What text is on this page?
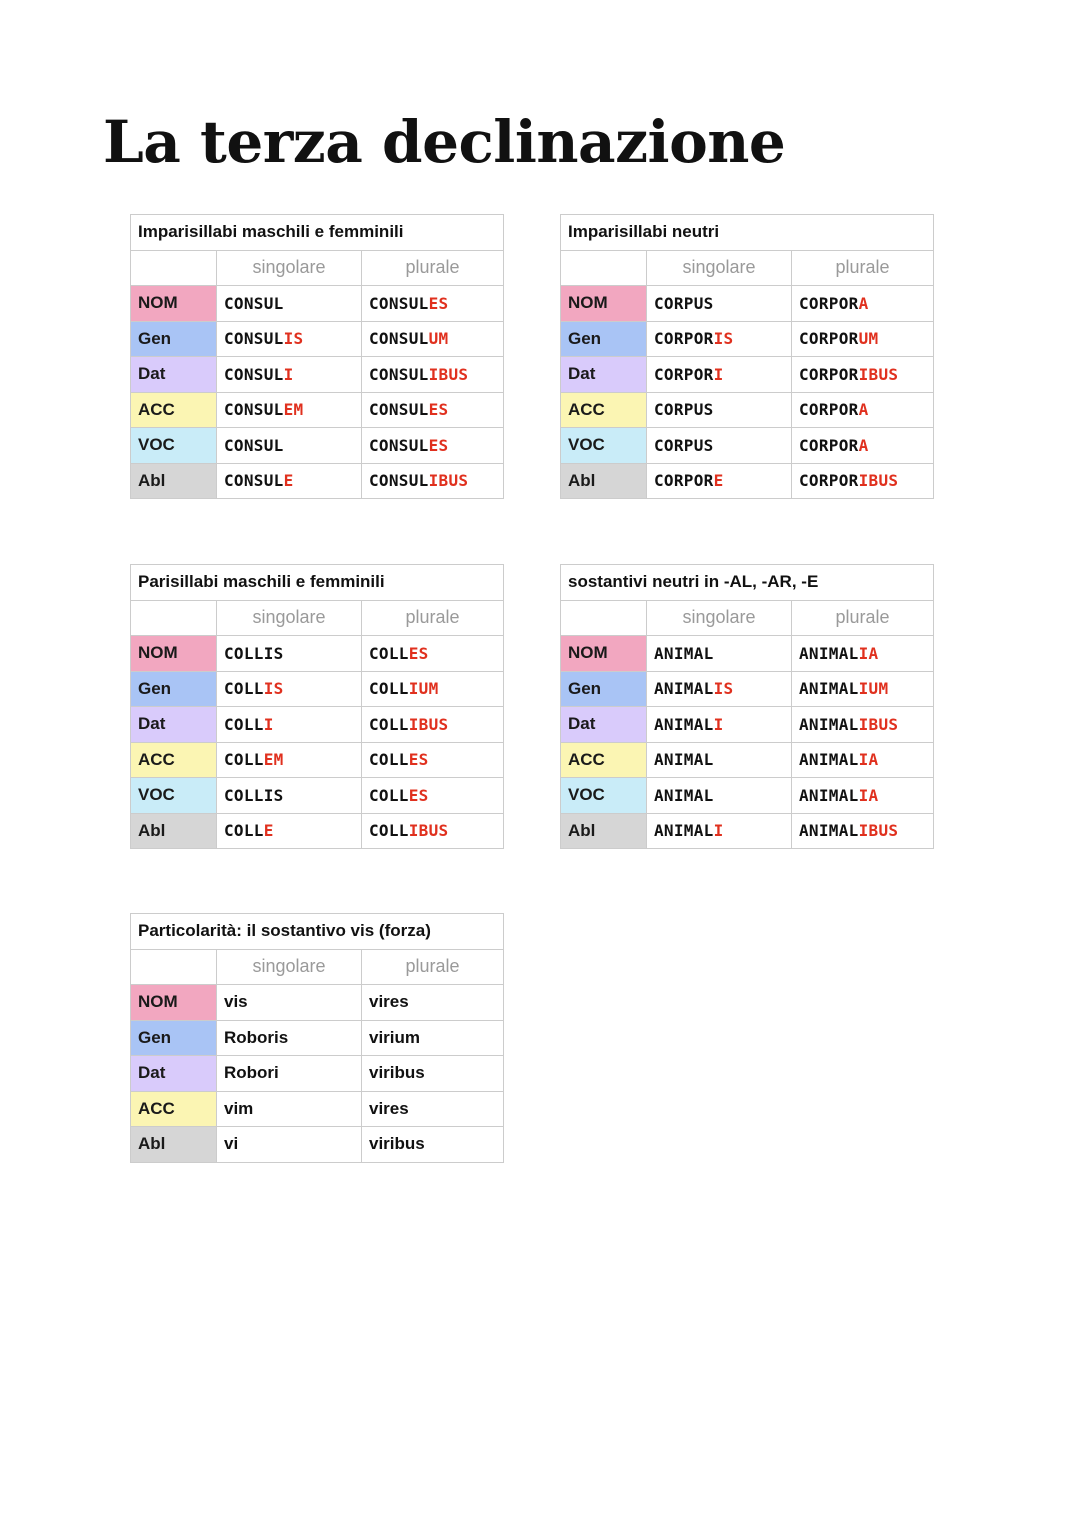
La terza declinazione
Imparisillabi maschili e femminili		
	singolare	plurale
NOM	CONSUL	CONSULES
Gen	CONSULIS	CONSULUM
Dat	CONSULI	CONSULIBUS
ACC	CONSULEM	CONSULES
VOC	CONSUL	CONSULES
Abl	CONSULE	CONSULIBUS
Imparisillabi neutri		
	singolare	plurale
NOM	CORPUS	CORPORA
Gen	CORPORIS	CORPORUM
Dat	CORPORI	CORPORIBUS
ACC	CORPUS	CORPORA
VOC	CORPUS	CORPORA
Abl	CORPORE	CORPORIBUS
Parisillabi maschili e femminili		
	singolare	plurale
NOM	COLLIS	COLLES
Gen	COLLIS	COLLIUM
Dat	COLLI	COLLIBUS
ACC	COLLEM	COLLES
VOC	COLLIS	COLLES
Abl	COLLE	COLLIBUS
sostantivi neutri in -AL, -AR, -E		
	singolare	plurale
NOM	ANIMAL	ANIMALIA
Gen	ANIMALIS	ANIMALIUM
Dat	ANIMALI	ANIMALIBUS
ACC	ANIMAL	ANIMALIA
VOC	ANIMAL	ANIMALIA
Abl	ANIMALI	ANIMALIBUS
Particolarità: il sostantivo vis (forza)		
	singolare	plurale
NOM	vis	vires
Gen	Roboris	virium
Dat	Robori	viribus
ACC	vim	vires
Abl	vi	viribus
